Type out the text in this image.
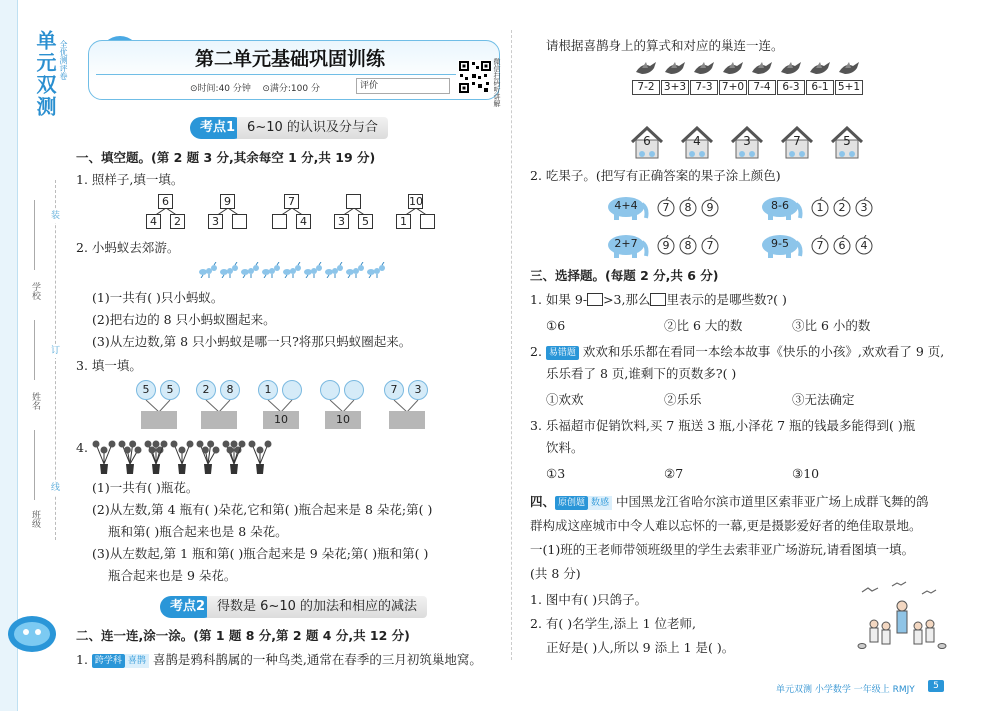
单元双测 全优测评卷
装
订
线
学校
姓名
班级
第二单元基础巩固训练
⊙时间:40 分钟 ⊙满分:100 分	评价	微信扫码听讲解
考点1 6~10 的认识及分与合
一、填空题。(第 2 题 3 分,其余每空 1 分,共 19 分)
1. 照样子,填一填。
6
4	2
9
3
7
4	3	5
10
1
2. 小蚂蚁去郊游。
(1)一共有( )只小蚂蚁。
(2)把右边的 8 只小蚂蚁圈起来。
(3)从左边数,第 8 只小蚂蚁是哪一只?将那只蚂蚁圈起来。
3. 填一填。
5	5	2	8	1
10	10
7	3
4.
(1)一共有( )瓶花。
(2)从左数,第 4 瓶有( )朵花,它和第( )瓶合起来是 8 朵花;第( )
瓶和第( )瓶合起来也是 8 朵花。
(3)从左数起,第 1 瓶和第( )瓶合起来是 9 朵花;第( )瓶和第( )
瓶合起来也是 9 朵花。
考点2 得数是 6~10 的加法和相应的减法
二、连一连,涂一涂。(第 1 题 8 分,第 2 题 4 分,共 12 分)
1. 跨学科 喜鹊 喜鹊是鸦科鹊属的一种鸟类,通常在春季的三月初筑巢地窝。
请根据喜鹊身上的算式和对应的巢连一连。
7-2 3+3 7-3 7+0 7-4	6-3	6-1 5+1
6	4	3	7	5
2. 吃果子。(把写有正确答案的果子涂上颜色)
4+4	7	8	9	8-6	1	2	3
2+7	9	8	7	9-5	7	6	4
三、选择题。(每题 2 分,共 6 分)
1. 如果 9- >3,那么 里表示的是哪些数?( )
①6	②比 6 大的数	③比 6 小的数
2. 易错题 欢欢和乐乐都在看同一本绘本故事《快乐的小孩》,欢欢看了 9 页,
乐乐看了 8 页,谁剩下的页数多?( )
①欢欢	②乐乐	③无法确定
3. 乐福超市促销饮料,买 7 瓶送 3 瓶,小泽花 7 瓶的钱最多能得到( )瓶
饮料。
①3	②7	③10
四、 原创题 数感 中国黑龙江省哈尔滨市道里区索菲亚广场上成群飞舞的鸽
群构成这座城市中令人难以忘怀的一幕,更是摄影爱好者的绝佳取景地。
一(1)班的王老师带领班级里的学生去索菲亚广场游玩,请看图填一填。
(共 8 分)
1. 图中有( )只鸽子。
2. 有( )名学生,添上 1 位老师,
正好是( )人,所以 9 添上 1 是( )。
单元双测 小学数学 一年级上 RMJY	5
